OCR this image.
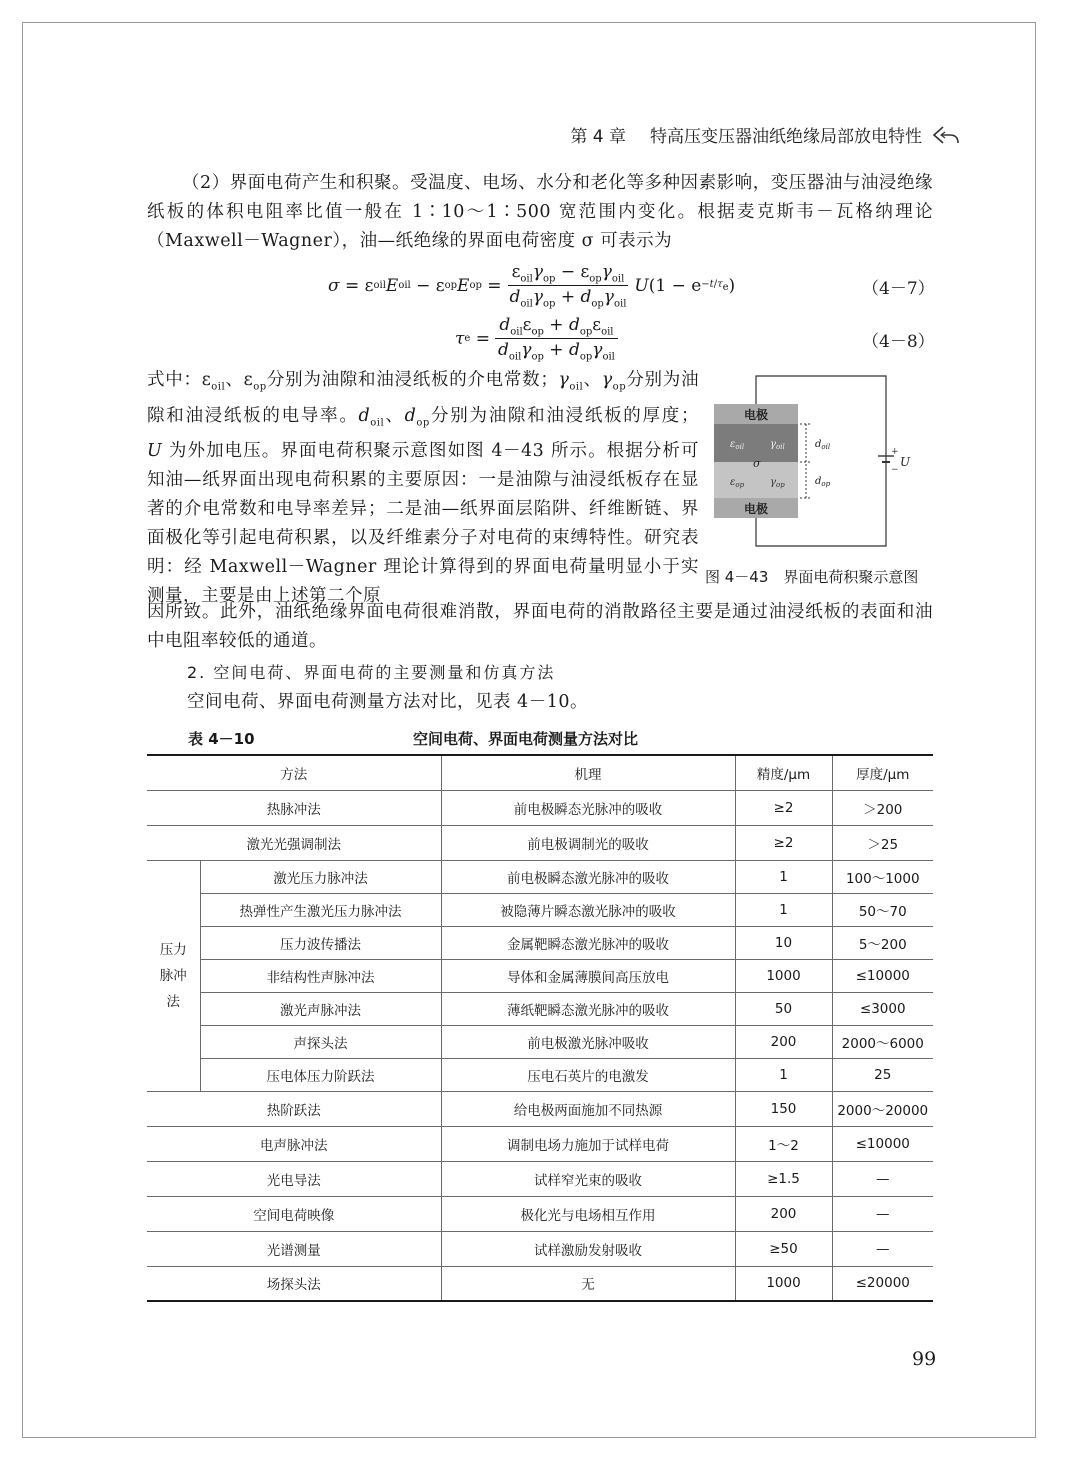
第 4 章 特高压变压器油纸绝缘局部放电特性
（2）界面电荷产生和积聚。受温度、电场、水分和老化等多种因素影响，变压器油与油浸绝缘纸板的体积电阻率比值一般在 1∶10～1∶500 宽范围内变化。根据麦克斯韦－瓦格纳理论（Maxwell－Wagner），油—纸绝缘的界面电荷密度 σ 可表示为
σ = ε oil E oil − ε op E op = $\frac{\varepsilon_{oil}\gamma_{op} - \varepsilon_{op}\gamma_{oil}}{d_{oil}\gamma_{op} + d_{op}\gamma_{oil}}$ U ($1 - e -t/\tau_e$ )	（4－7）
τ $e = \frac{d_{oil}\varepsilon_{op} + d_{op}\varepsilon_{oil}}{d_{oil}\gamma_{op} + d_{op}\gamma_{oil}}$	（4－8）
式中：$\varepsilon_{oil}$、$\varepsilon_{op}$分别为油隙和油浸纸板的介电常数；$\gamma_{oil}$、$\gamma_{op}$分别为油隙和油浸纸板的电导率。$d_{oil}$、$d_{op}$分别为油隙和油浸纸板的厚度；U 为外加电压。界面电荷积聚示意图如图 4－43 所示。根据分析可知油—纸界面出现电荷积累的主要原因：一是油隙与油浸纸板存在显著的介电常数和电导率差异；二是油—纸界面层陷阱、纤维断链、界面极化等引起电荷积累，以及纤维素分子对电荷的束缚特性。研究表明：经 Maxwell－Wagner 理论计算得到的界面电荷量明显小于实测量，主要是由上述第二个原
电极
电极
$\varepsilon_{oil}$	$\gamma_{oil}$
σ
$\varepsilon_{op}$	$\gamma_{op}$
$d_{oil}$
$d_{op}$
+
−
U
图 4－43　界面电荷积聚示意图
因所致。此外，油纸绝缘界面电荷很难消散，界面电荷的消散路径主要是通过油浸纸板的表面和油中电阻率较低的通道。
2. 空间电荷、界面电荷的主要测量和仿真方法
空间电荷、界面电荷测量方法对比，见表 4－10。
表 4－10	空间电荷、界面电荷测量方法对比
方法		机理	精度/μm	厚度/μm
热脉冲法		前电极瞬态光脉冲的吸收	≥2	＞200
激光光强调制法		前电极调制光的吸收	≥2	＞25

压力脉冲法	激光压力脉冲法	前电极瞬态激光脉冲的吸收	1	100～1000
	热弹性产生激光压力脉冲法	被隐薄片瞬态激光脉冲的吸收	1	50～70
	压力波传播法	金属靶瞬态激光脉冲的吸收	10	5～200
	非结构性声脉冲法	导体和金属薄膜间高压放电	1000	≤10000
	激光声脉冲法	薄纸靶瞬态激光脉冲的吸收	50	≤3000
	声探头法	前电极激光脉冲吸收	200	2000～6000
	压电体压力阶跃法	压电石英片的电激发	1	25
热阶跃法		给电极两面施加不同热源	150	2000～20000
电声脉冲法		调制电场力施加于试样电荷	1～2	≤10000
光电导法		试样窄光束的吸收	≥1.5	—
空间电荷映像		极化光与电场相互作用	200	—
光谱测量		试样激励发射吸收	≥50	—
场探头法		无	1000	≤20000
99
